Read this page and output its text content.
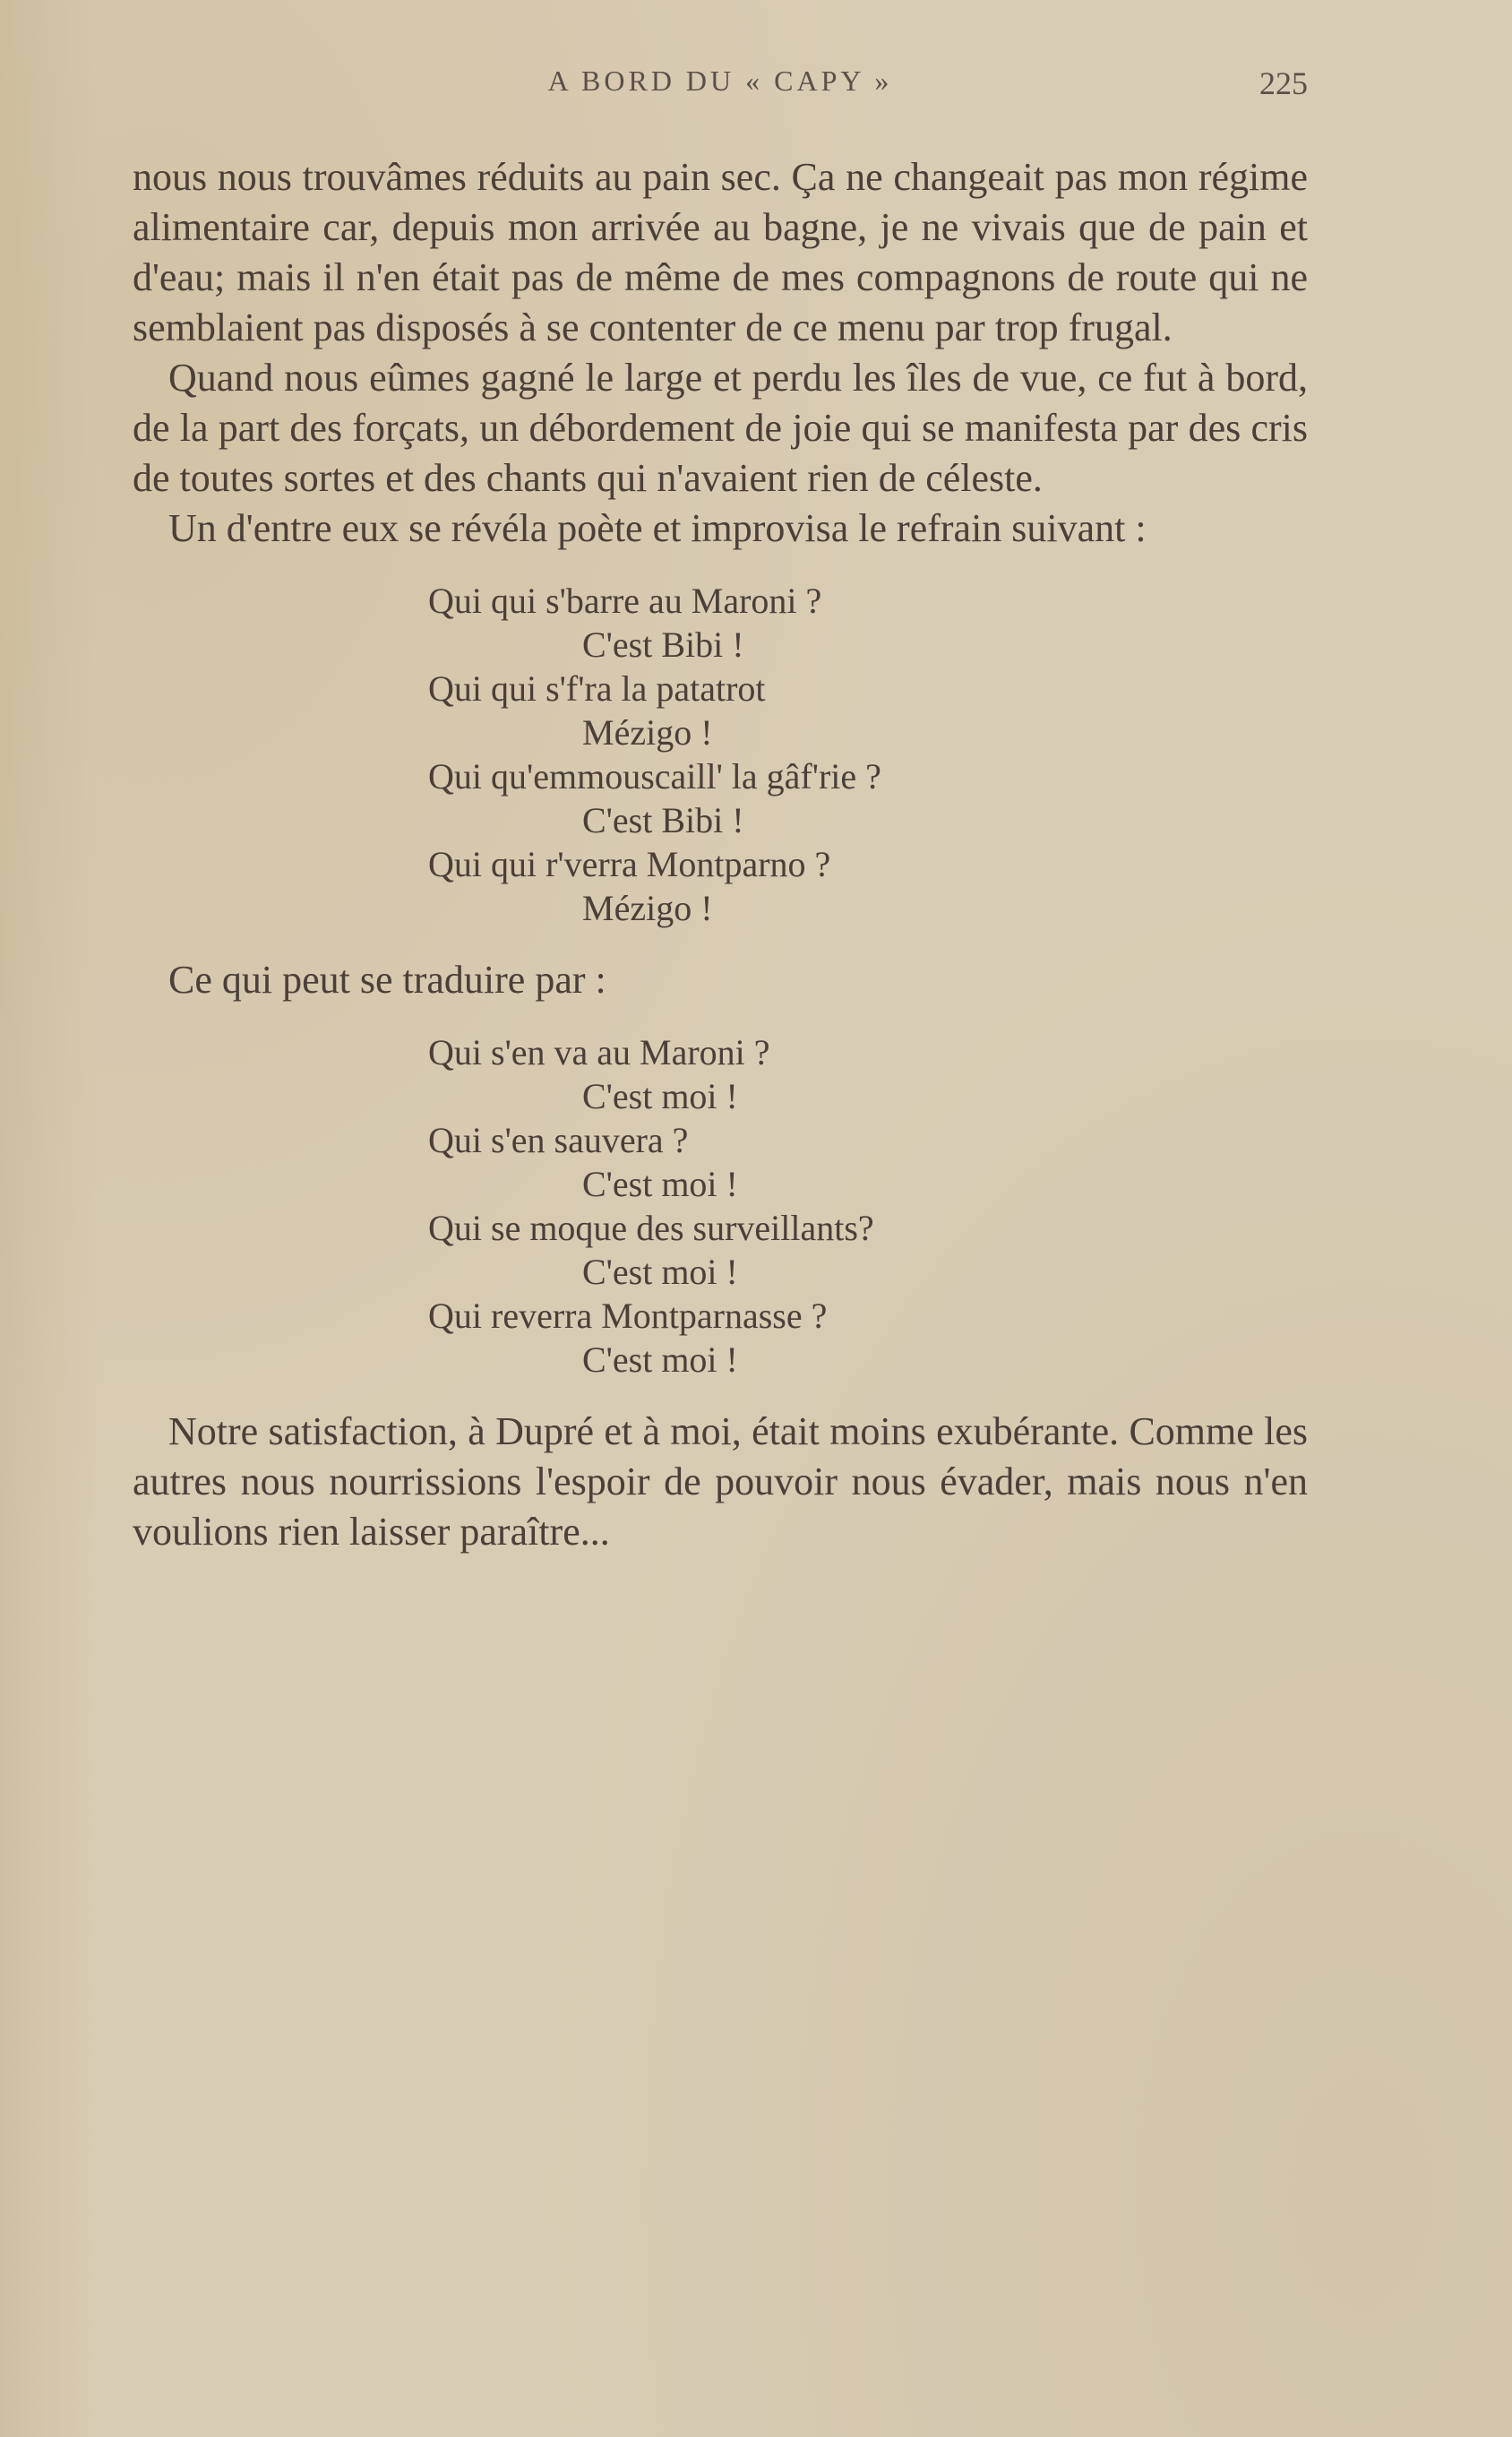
A BORD DU « CAPY »	225

nous nous trouvâmes réduits au pain sec. Ça ne changeait pas mon régime alimentaire car, depuis mon arrivée au bagne, je ne vivais que de pain et d'eau; mais il n'en était pas de même de mes compagnons de route qui ne semblaient pas disposés à se contenter de ce menu par trop frugal.

Quand nous eûmes gagné le large et perdu les îles de vue, ce fut à bord, de la part des forçats, un débordement de joie qui se manifesta par des cris de toutes sortes et des chants qui n'avaient rien de céleste.

Un d'entre eux se révéla poète et improvisa le refrain suivant :

Qui qui s'barre au Maroni ?
C'est Bibi !
Qui qui s'f'ra la patatrot
Mézigo !
Qui qu'emmouscaill' la gâf'rie ?
C'est Bibi !
Qui qui r'verra Montparno ?
Mézigo !

Ce qui peut se traduire par :

Qui s'en va au Maroni ?
C'est moi !
Qui s'en sauvera ?
C'est moi !
Qui se moque des surveillants?
C'est moi !
Qui reverra Montparnasse ?
C'est moi !

Notre satisfaction, à Dupré et à moi, était moins exubérante. Comme les autres nous nourrissions l'espoir de pouvoir nous évader, mais nous n'en voulions rien laisser paraître...
